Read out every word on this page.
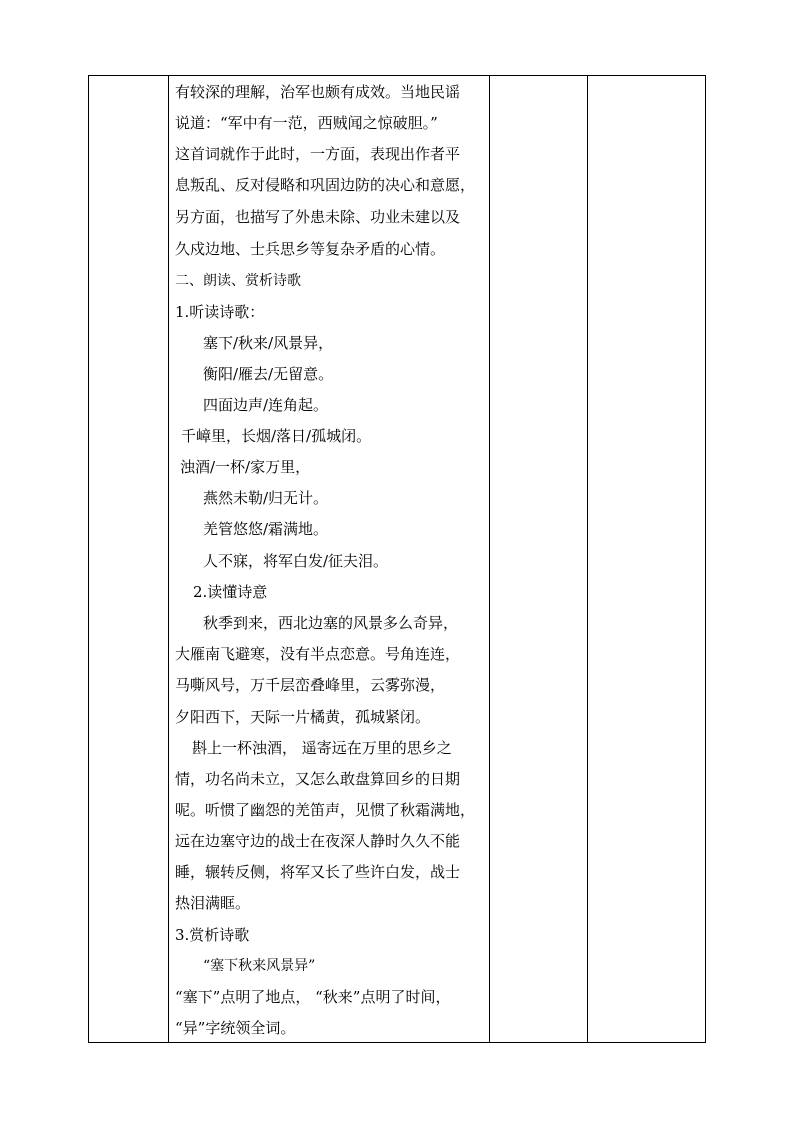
有较深的理解，治军也颇有成效。当地民谣
说道：“军中有一范，西贼闻之惊破胆。”
这首词就作于此时，一方面，表现出作者平
息叛乱、反对侵略和巩固边防的决心和意愿，
另方面，也描写了外患未除、功业未建以及
久戍边地、士兵思乡等复杂矛盾的心情。
二、朗读、赏析诗歌
1.听读诗歌：
塞下/秋来/风景异，
衡阳/雁去/无留意。
四面边声/连角起。
千嶂里，长烟/落日/孤城闭。
浊酒/一杯/家万里，
燕然未勒/归无计。
羌管悠悠/霜满地。
人不寐，将军白发/征夫泪。
2.读懂诗意
秋季到来，西北边塞的风景多么奇异，
大雁南飞避寒，没有半点恋意。号角连连，
马嘶风号，万千层峦叠峰里，云雾弥漫，
夕阳西下，天际一片橘黄，孤城紧闭。
斟上一杯浊酒， 遥寄远在万里的思乡之
情，功名尚未立，又怎么敢盘算回乡的日期
呢。听惯了幽怨的羌笛声，见惯了秋霜满地，
远在边塞守边的战士在夜深人静时久久不能
睡，辗转反侧，将军又长了些许白发，战士
热泪满眶。
3.赏析诗歌
“塞下秋来风景异”
“塞下”点明了地点， “秋来”点明了时间，
“异”字统领全词。
